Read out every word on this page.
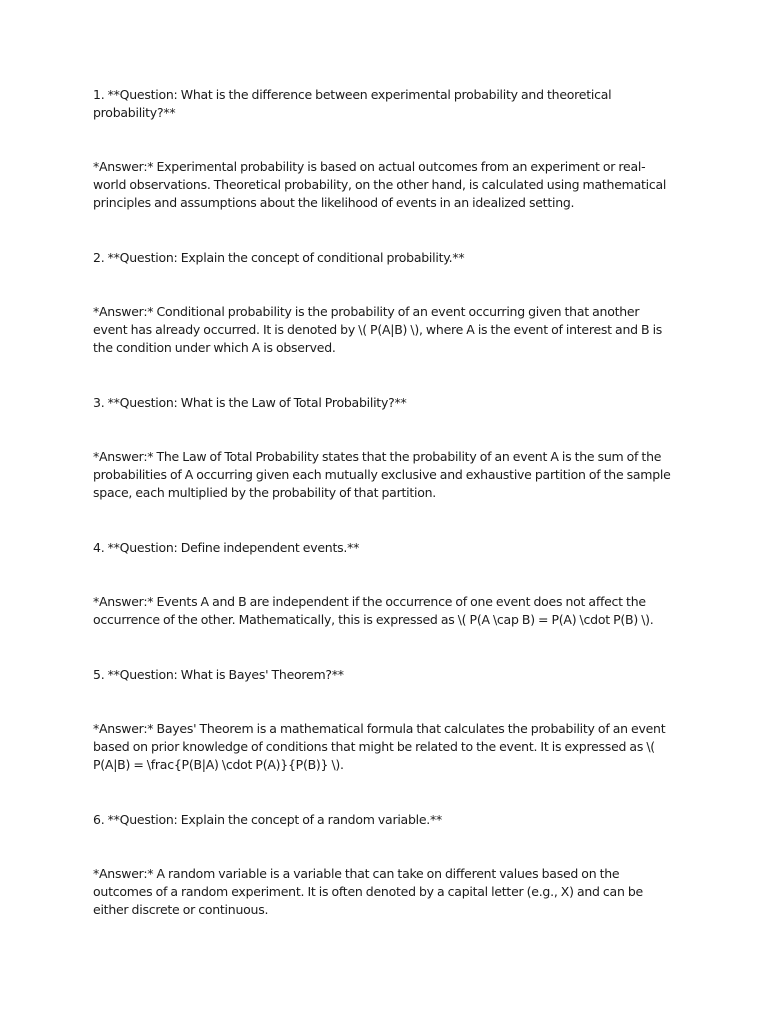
1. **Question: What is the difference between experimental probability and theoretical probability?**

*Answer:* Experimental probability is based on actual outcomes from an experiment or real-world observations. Theoretical probability, on the other hand, is calculated using mathematical principles and assumptions about the likelihood of events in an idealized setting.

2. **Question: Explain the concept of conditional probability.**

*Answer:* Conditional probability is the probability of an event occurring given that another event has already occurred. It is denoted by \( P(A|B) \), where A is the event of interest and B is the condition under which A is observed.

3. **Question: What is the Law of Total Probability?**

*Answer:* The Law of Total Probability states that the probability of an event A is the sum of the probabilities of A occurring given each mutually exclusive and exhaustive partition of the sample space, each multiplied by the probability of that partition.

4. **Question: Define independent events.**

*Answer:* Events A and B are independent if the occurrence of one event does not affect the occurrence of the other. Mathematically, this is expressed as \( P(A \cap B) = P(A) \cdot P(B) \).

5. **Question: What is Bayes' Theorem?**

*Answer:* Bayes' Theorem is a mathematical formula that calculates the probability of an event based on prior knowledge of conditions that might be related to the event. It is expressed as \( P(A|B) = \frac{P(B|A) \cdot P(A)}{P(B)} \).

6. **Question: Explain the concept of a random variable.**

*Answer:* A random variable is a variable that can take on different values based on the outcomes of a random experiment. It is often denoted by a capital letter (e.g., X) and can be either discrete or continuous.
